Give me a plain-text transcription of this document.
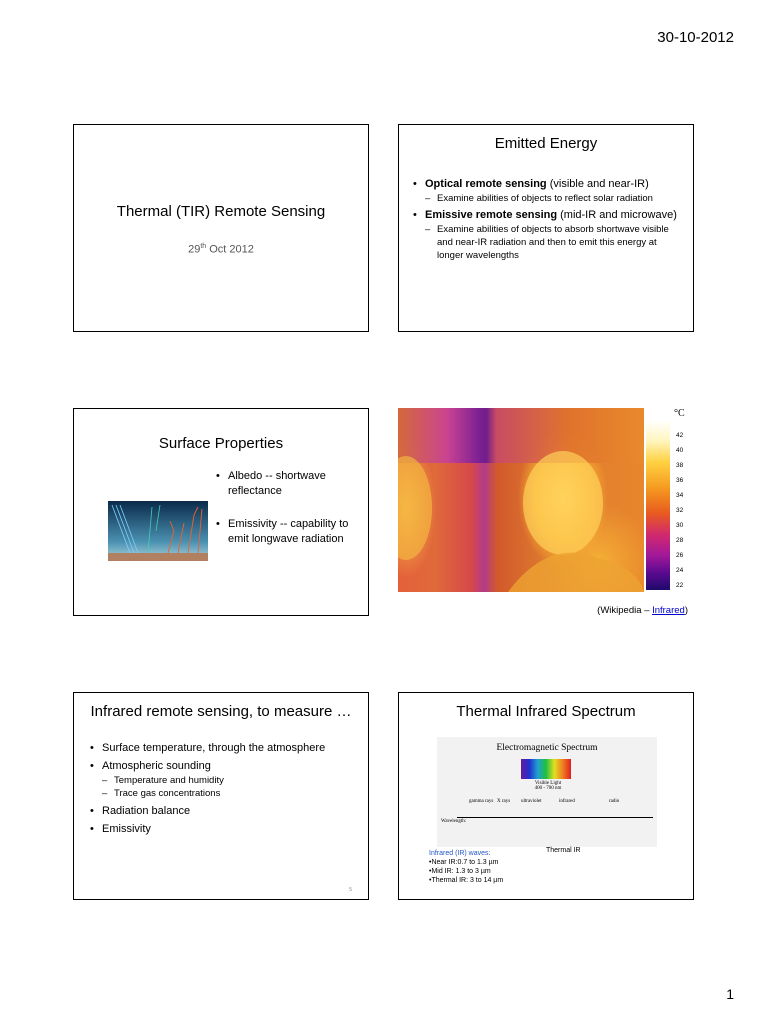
30-10-2012
Thermal (TIR) Remote Sensing
29th Oct 2012
Emitted Energy
• Optical remote sensing (visible and near-IR)
– Examine abilities of objects to reflect solar radiation
• Emissive remote sensing (mid-IR and microwave)
– Examine abilities of objects to absorb shortwave visible and near-IR radiation and then to emit this energy at longer wavelengths
Surface Properties
• Albedo -- shortwave reflectance
• Emissivity -- capability to emit longwave radiation
°C
42
40
38
36
34
32
30
28
26
24
22
(Wikipedia – Infrared)
Infrared remote sensing, to measure …
• Surface temperature, through the atmosphere
• Atmospheric sounding
– Temperature and humidity
– Trace gas concentrations
• Radiation balance
• Emissivity
5
Thermal Infrared Spectrum
Electromagnetic Spectrum
Visible Light
400 - 700 nm
gamma rays X rays ultraviolet	infrared	radio
Wavelength:
Thermal IR
Infrared (IR) waves:
•Near IR:0.7 to 1.3 µm
•Mid IR: 1.3 to 3 µm
•Thermal IR: 3 to 14 µm
1
